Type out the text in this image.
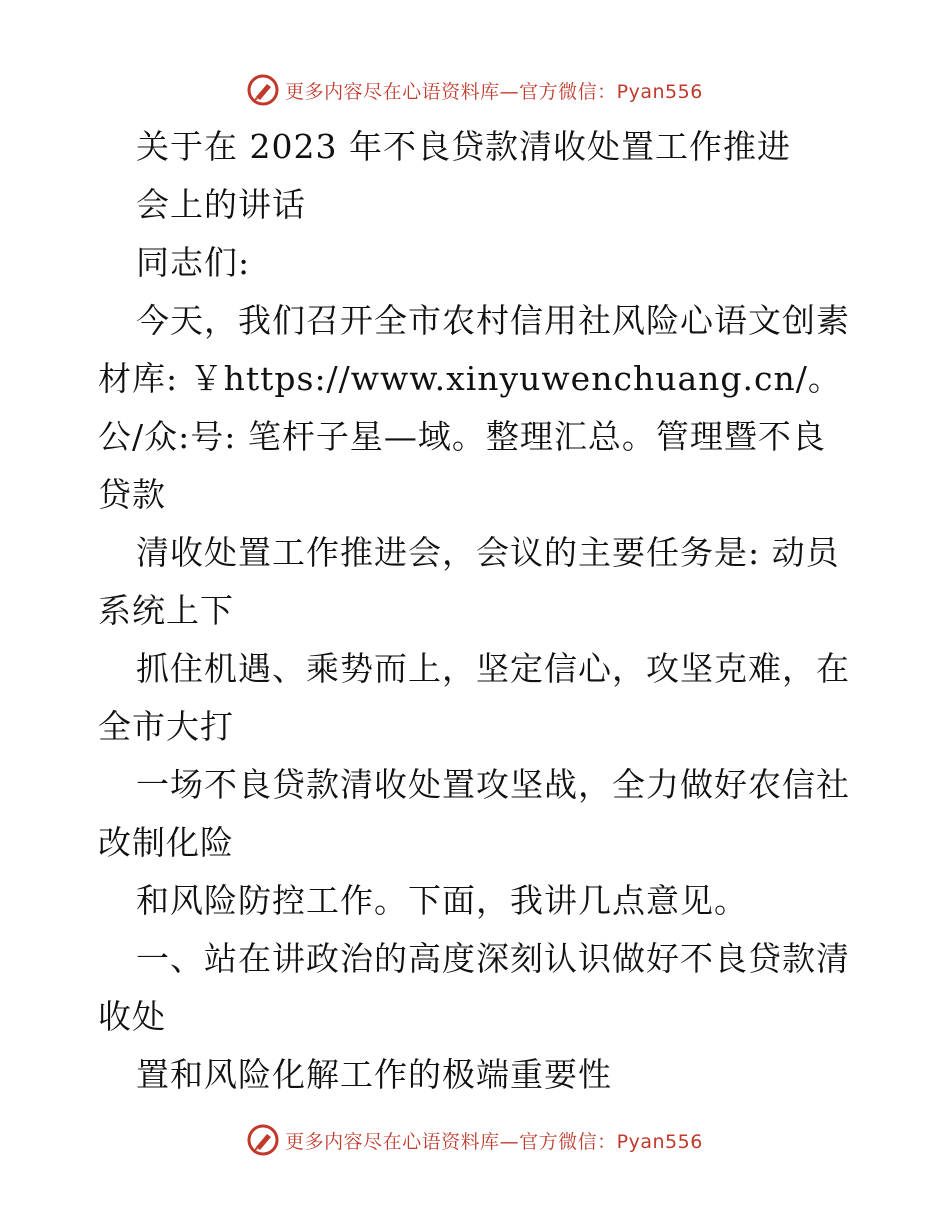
更多内容尽在心语资料库—官方微信：Pyan556
关于在 2023 年不良贷款清收处置工作推进
会上的讲话
同志们:
今天，我们召开全市农村信用社风险心语文创素
材库: ￥https://www.xinyuwenchuang.cn/。
公/众:号: 笔杆子星—域。整理汇总。管理暨不良
贷款
清收处置工作推进会，会议的主要任务是: 动员
系统上下
抓住机遇、乘势而上，坚定信心，攻坚克难，在
全市大打
一场不良贷款清收处置攻坚战，全力做好农信社
改制化险
和风险防控工作。下面，我讲几点意见。
一、站在讲政治的高度深刻认识做好不良贷款清
收处
置和风险化解工作的极端重要性
更多内容尽在心语资料库—官方微信：Pyan556
